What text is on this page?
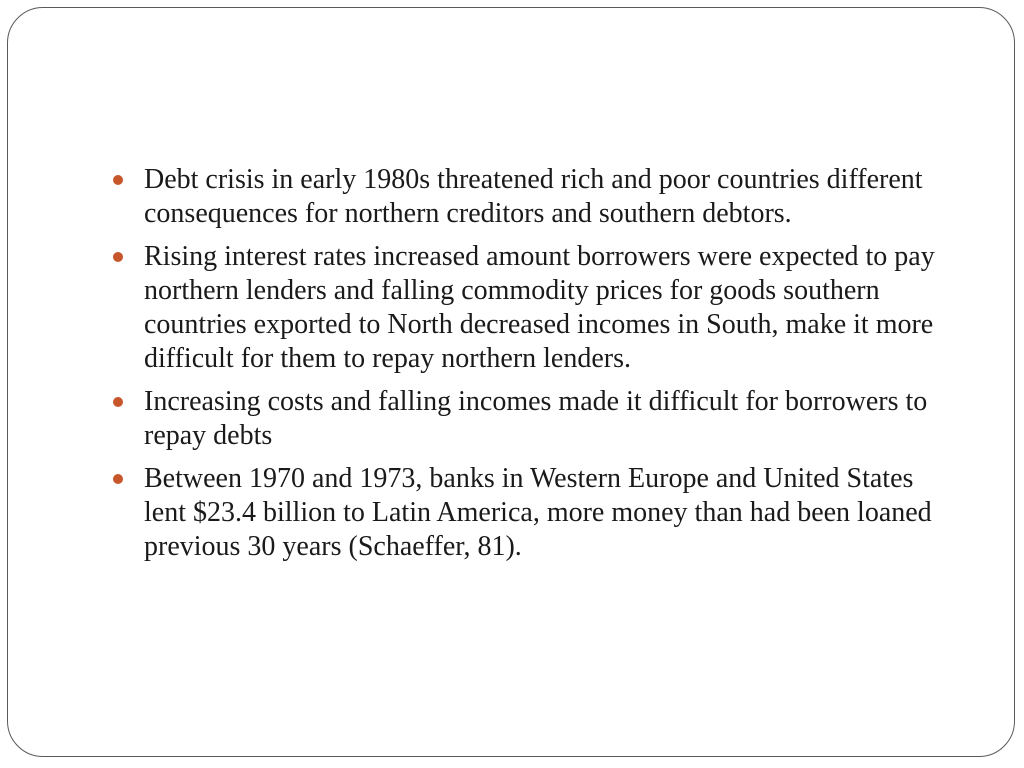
Debt crisis in early 1980s threatened rich and poor countries different consequences for northern creditors and southern debtors.
Rising interest rates increased amount borrowers were expected to pay northern lenders and falling commodity prices for goods southern countries exported to North decreased incomes in South, make it more difficult for them to repay northern lenders.
Increasing costs and falling incomes made it difficult for borrowers to repay debts
Between 1970 and 1973, banks in Western Europe and United States lent $23.4 billion to Latin America, more money than had been loaned previous 30 years (Schaeffer, 81).
